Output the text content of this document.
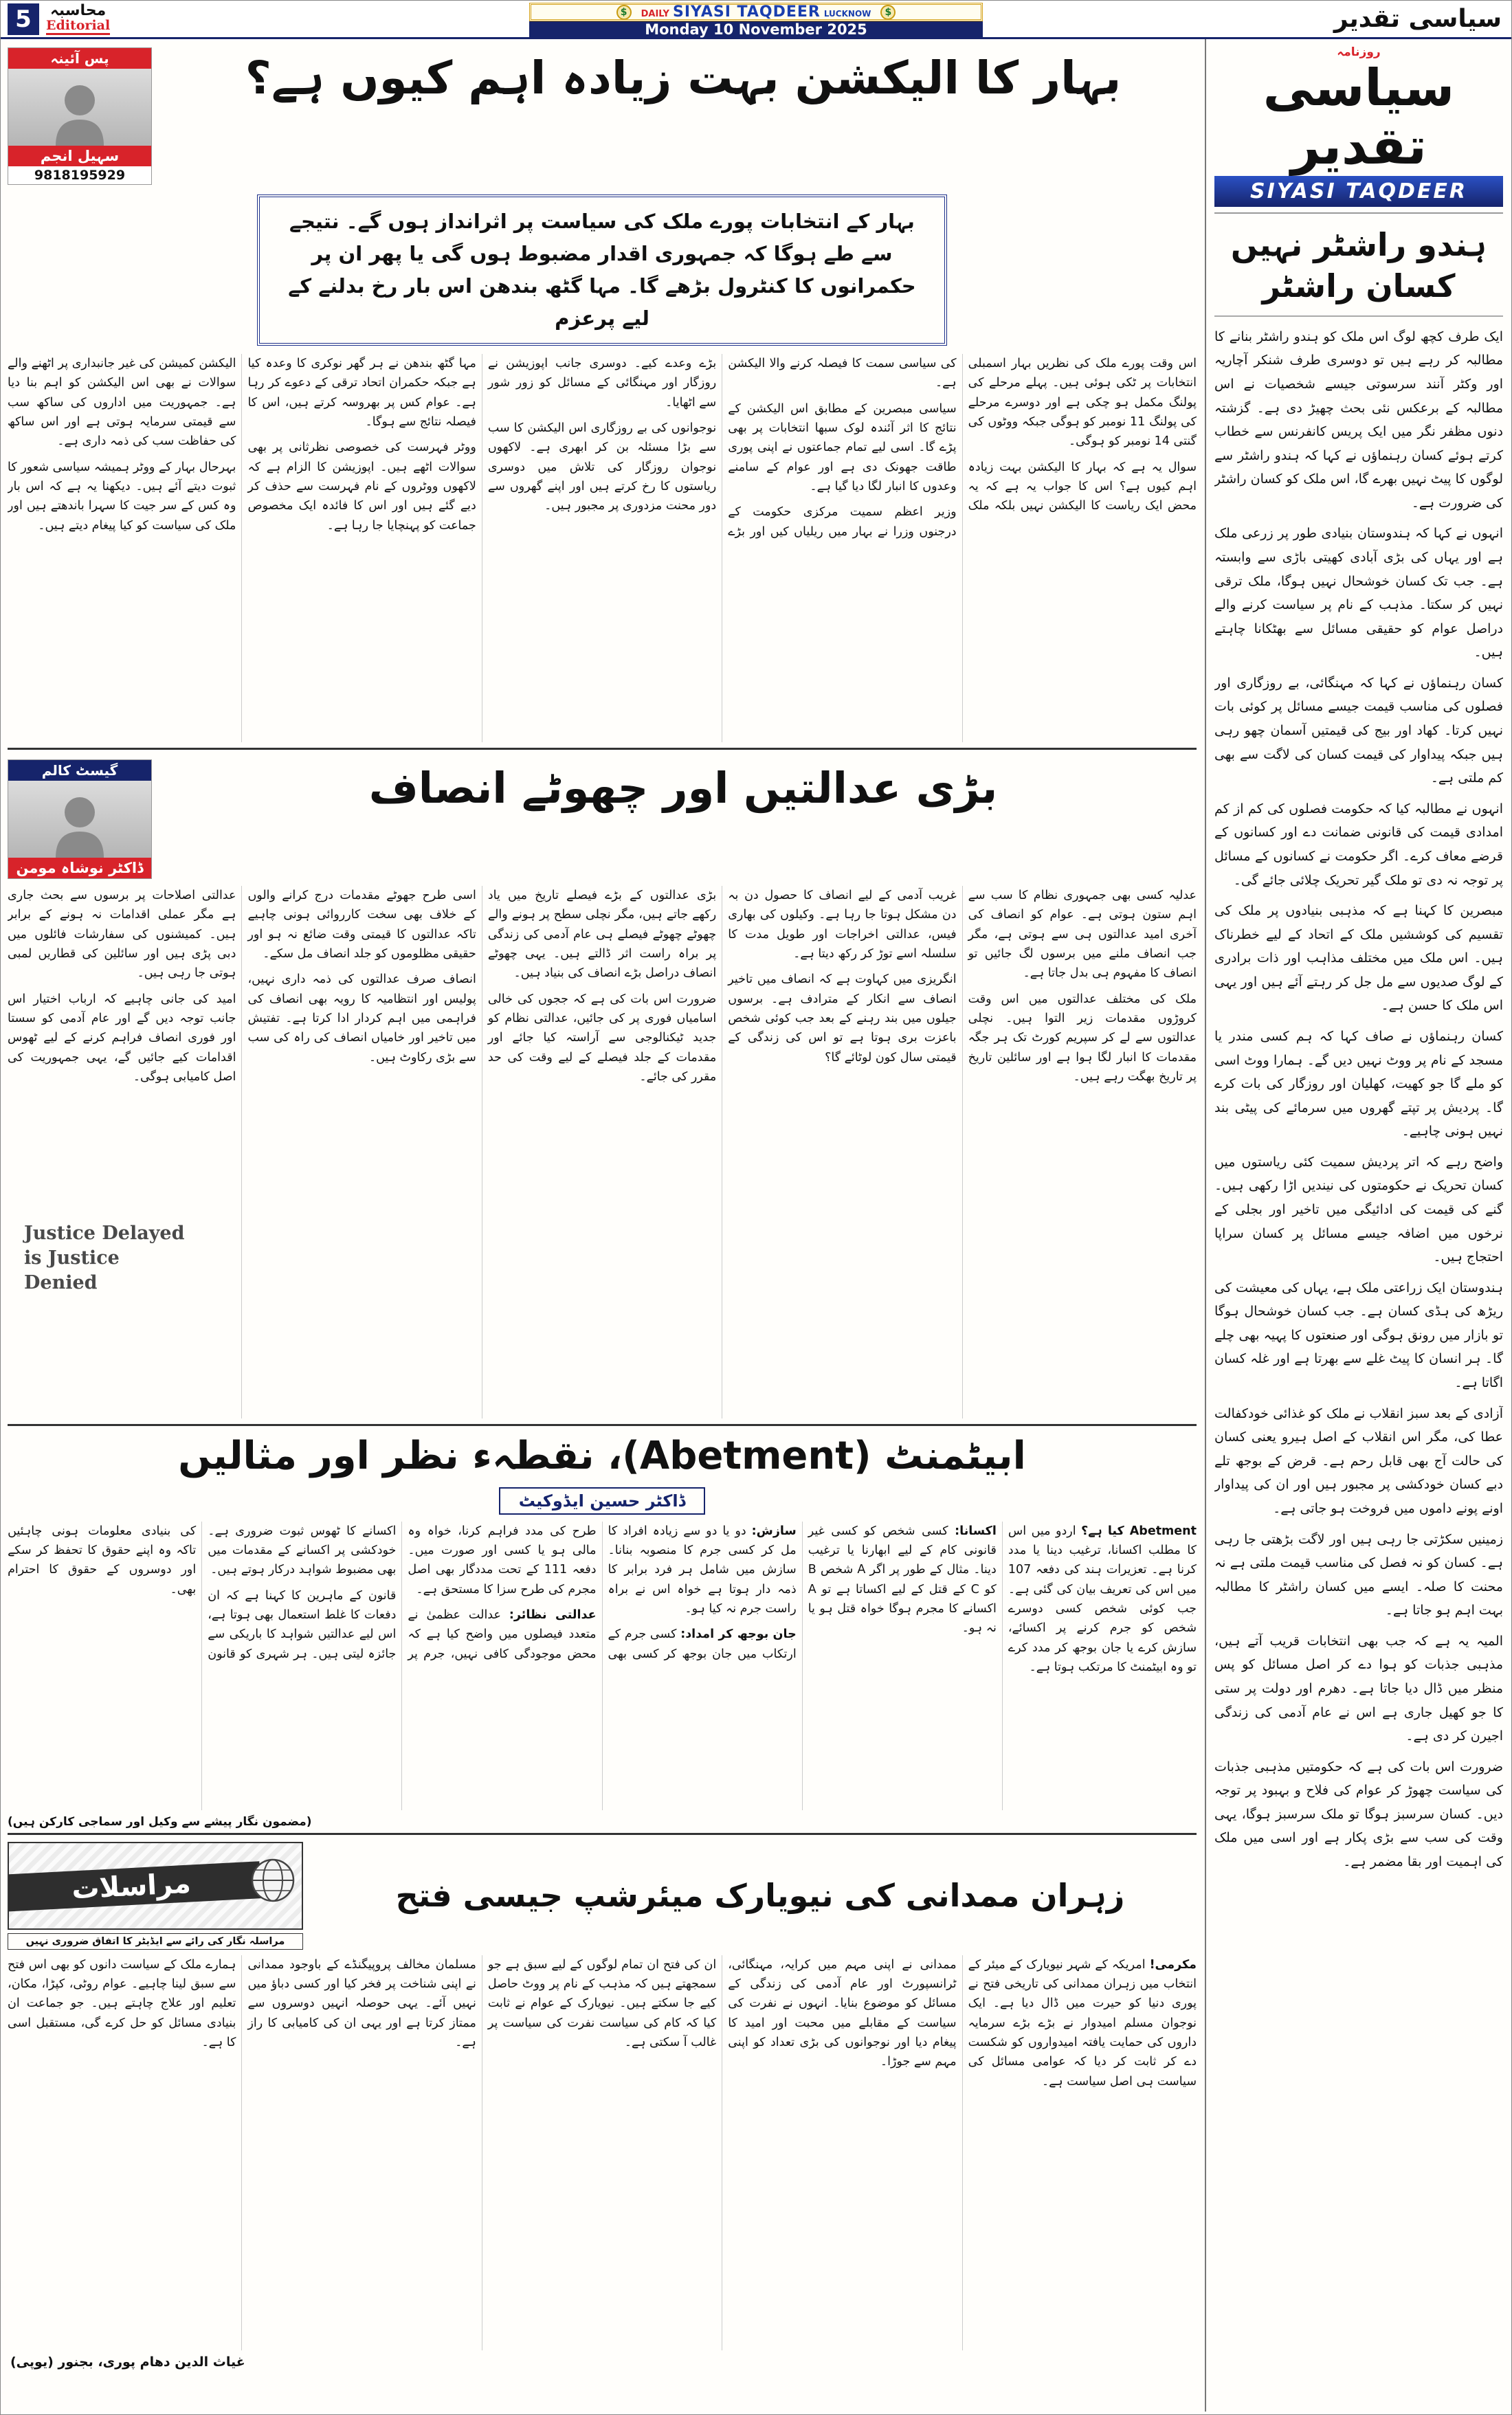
5	محاسبہ
Editorial
$	DAILY SIYASI TAQDEER LUCKNOW	$
Monday 10 November 2025	سیاسی تقدیر
بہار کا الیکشن بہت زیادہ اہم کیوں ہے؟
پس آئینہ
سہیل انجم
9818195929
بہار کے انتخابات پورے ملک کی سیاست پر اثرانداز ہوں گے۔ نتیجے سے طے ہوگا کہ جمہوری اقدار مضبوط ہوں گی یا پھر ان پر حکمرانوں کا کنٹرول بڑھے گا۔ مہا گٹھ بندھن اس بار رخ بدلنے کے لیے پرعزم

اس وقت پورے ملک کی نظریں بہار اسمبلی انتخابات پر ٹکی ہوئی ہیں۔ پہلے مرحلے کی پولنگ مکمل ہو چکی ہے اور دوسرے مرحلے کی پولنگ 11 نومبر کو ہوگی جبکہ ووٹوں کی گنتی 14 نومبر کو ہوگی۔

سوال یہ ہے کہ بہار کا الیکشن بہت زیادہ اہم کیوں ہے؟ اس کا جواب یہ ہے کہ یہ محض ایک ریاست کا الیکشن نہیں بلکہ ملک کی سیاسی سمت کا فیصلہ کرنے والا الیکشن ہے۔

سیاسی مبصرین کے مطابق اس الیکشن کے نتائج کا اثر آئندہ لوک سبھا انتخابات پر بھی پڑے گا۔ اسی لیے تمام جماعتوں نے اپنی پوری طاقت جھونک دی ہے اور عوام کے سامنے وعدوں کا انبار لگا دیا گیا ہے۔

وزیر اعظم سمیت مرکزی حکومت کے درجنوں وزرا نے بہار میں ریلیاں کیں اور بڑے بڑے وعدے کیے۔ دوسری جانب اپوزیشن نے روزگار اور مہنگائی کے مسائل کو زور شور سے اٹھایا۔

نوجوانوں کی بے روزگاری اس الیکشن کا سب سے بڑا مسئلہ بن کر ابھری ہے۔ لاکھوں نوجوان روزگار کی تلاش میں دوسری ریاستوں کا رخ کرتے ہیں اور اپنے گھروں سے دور محنت مزدوری پر مجبور ہیں۔

مہا گٹھ بندھن نے ہر گھر نوکری کا وعدہ کیا ہے جبکہ حکمران اتحاد ترقی کے دعوے کر رہا ہے۔ عوام کس پر بھروسہ کرتے ہیں، اس کا فیصلہ نتائج سے ہوگا۔

ووٹر فہرست کی خصوصی نظرثانی پر بھی سوالات اٹھے ہیں۔ اپوزیشن کا الزام ہے کہ لاکھوں ووٹروں کے نام فہرست سے حذف کر دیے گئے ہیں اور اس کا فائدہ ایک مخصوص جماعت کو پہنچایا جا رہا ہے۔

الیکشن کمیشن کی غیر جانبداری پر اٹھنے والے سوالات نے بھی اس الیکشن کو اہم بنا دیا ہے۔ جمہوریت میں اداروں کی ساکھ سب سے قیمتی سرمایہ ہوتی ہے اور اس ساکھ کی حفاظت سب کی ذمہ داری ہے۔

بہرحال بہار کے ووٹر ہمیشہ سیاسی شعور کا ثبوت دیتے آئے ہیں۔ دیکھنا یہ ہے کہ اس بار وہ کس کے سر جیت کا سہرا باندھتے ہیں اور ملک کی سیاست کو کیا پیغام دیتے ہیں۔

بڑی عدالتیں اور چھوٹے انصاف
گیسٹ کالم
ڈاکٹر نوشاہ مومن

عدلیہ کسی بھی جمہوری نظام کا سب سے اہم ستون ہوتی ہے۔ عوام کو انصاف کی آخری امید عدالتوں ہی سے ہوتی ہے، مگر جب انصاف ملنے میں برسوں لگ جائیں تو انصاف کا مفہوم ہی بدل جاتا ہے۔

ملک کی مختلف عدالتوں میں اس وقت کروڑوں مقدمات زیر التوا ہیں۔ نچلی عدالتوں سے لے کر سپریم کورٹ تک ہر جگہ مقدمات کا انبار لگا ہوا ہے اور سائلین تاریخ پر تاریخ بھگت رہے ہیں۔

غریب آدمی کے لیے انصاف کا حصول دن بہ دن مشکل ہوتا جا رہا ہے۔ وکیلوں کی بھاری فیس، عدالتی اخراجات اور طویل مدت کا سلسلہ اسے توڑ کر رکھ دیتا ہے۔

انگریزی میں کہاوت ہے کہ انصاف میں تاخیر انصاف سے انکار کے مترادف ہے۔ برسوں جیلوں میں بند رہنے کے بعد جب کوئی شخص باعزت بری ہوتا ہے تو اس کی زندگی کے قیمتی سال کون لوٹائے گا؟

بڑی عدالتوں کے بڑے فیصلے تاریخ میں یاد رکھے جاتے ہیں، مگر نچلی سطح پر ہونے والے چھوٹے چھوٹے فیصلے ہی عام آدمی کی زندگی پر براہ راست اثر ڈالتے ہیں۔ یہی چھوٹے انصاف دراصل بڑے انصاف کی بنیاد ہیں۔

ضرورت اس بات کی ہے کہ ججوں کی خالی اسامیاں فوری پر کی جائیں، عدالتی نظام کو جدید ٹیکنالوجی سے آراستہ کیا جائے اور مقدمات کے جلد فیصلے کے لیے وقت کی حد مقرر کی جائے۔

اسی طرح جھوٹے مقدمات درج کرانے والوں کے خلاف بھی سخت کارروائی ہونی چاہیے تاکہ عدالتوں کا قیمتی وقت ضائع نہ ہو اور حقیقی مظلوموں کو جلد انصاف مل سکے۔

انصاف صرف عدالتوں کی ذمہ داری نہیں، پولیس اور انتظامیہ کا رویہ بھی انصاف کی فراہمی میں اہم کردار ادا کرتا ہے۔ تفتیش میں تاخیر اور خامیاں انصاف کی راہ کی سب سے بڑی رکاوٹ ہیں۔

عدالتی اصلاحات پر برسوں سے بحث جاری ہے مگر عملی اقدامات نہ ہونے کے برابر ہیں۔ کمیشنوں کی سفارشات فائلوں میں دبی پڑی ہیں اور سائلین کی قطاریں لمبی ہوتی جا رہی ہیں۔

امید کی جانی چاہیے کہ ارباب اختیار اس جانب توجہ دیں گے اور عام آدمی کو سستا اور فوری انصاف فراہم کرنے کے لیے ٹھوس اقدامات کیے جائیں گے، یہی جمہوریت کی اصل کامیابی ہوگی۔

Justice Delayed is Justice Denied
ابیٹمنٹ (Abetment)، نقطہء نظر اور مثالیں
ڈاکٹر حسین ایڈوکیٹ

Abetment کیا ہے؟ اردو میں اس کا مطلب اکسانا، ترغیب دینا یا مدد کرنا ہے۔ تعزیرات ہند کی دفعہ 107 میں اس کی تعریف بیان کی گئی ہے۔ جب کوئی شخص کسی دوسرے شخص کو جرم کرنے پر اکسائے، سازش کرے یا جان بوجھ کر مدد کرے تو وہ ابیٹمنٹ کا مرتکب ہوتا ہے۔

اکسانا: کسی شخص کو کسی غیر قانونی کام کے لیے ابھارنا یا ترغیب دینا۔ مثال کے طور پر اگر A شخص B کو C کے قتل کے لیے اکساتا ہے تو A اکسانے کا مجرم ہوگا خواہ قتل ہو یا نہ ہو۔

سازش: دو یا دو سے زیادہ افراد کا مل کر کسی جرم کا منصوبہ بنانا۔ سازش میں شامل ہر فرد برابر کا ذمہ دار ہوتا ہے خواہ اس نے براہ راست جرم نہ کیا ہو۔

جان بوجھ کر امداد: کسی جرم کے ارتکاب میں جان بوجھ کر کسی بھی طرح کی مدد فراہم کرنا، خواہ وہ مالی ہو یا کسی اور صورت میں۔ دفعہ 111 کے تحت مددگار بھی اصل مجرم کی طرح سزا کا مستحق ہے۔

عدالتی نظائر: عدالت عظمیٰ نے متعدد فیصلوں میں واضح کیا ہے کہ محض موجودگی کافی نہیں، جرم پر اکسانے کا ٹھوس ثبوت ضروری ہے۔ خودکشی پر اکسانے کے مقدمات میں بھی مضبوط شواہد درکار ہوتے ہیں۔

قانون کے ماہرین کا کہنا ہے کہ ان دفعات کا غلط استعمال بھی ہوتا ہے، اس لیے عدالتیں شواہد کا باریکی سے جائزہ لیتی ہیں۔ ہر شہری کو قانون کی بنیادی معلومات ہونی چاہئیں تاکہ وہ اپنے حقوق کا تحفظ کر سکے اور دوسروں کے حقوق کا احترام بھی۔

(مضمون نگار پیشے سے وکیل اور سماجی کارکن ہیں)
زہران ممدانی کی نیویارک میئرشپ جیسی فتح
مراسلات
مراسلہ نگار کی رائے سے ایڈیٹر کا اتفاق ضروری نہیں

مکرمی! امریکہ کے شہر نیویارک کے میئر کے انتخاب میں زہران ممدانی کی تاریخی فتح نے پوری دنیا کو حیرت میں ڈال دیا ہے۔ ایک نوجوان مسلم امیدوار نے بڑے بڑے سرمایہ داروں کی حمایت یافتہ امیدواروں کو شکست دے کر ثابت کر دیا کہ عوامی مسائل کی سیاست ہی اصل سیاست ہے۔

ممدانی نے اپنی مہم میں کرایہ، مہنگائی، ٹرانسپورٹ اور عام آدمی کی زندگی کے مسائل کو موضوع بنایا۔ انہوں نے نفرت کی سیاست کے مقابلے میں محبت اور امید کا پیغام دیا اور نوجوانوں کی بڑی تعداد کو اپنی مہم سے جوڑا۔

ان کی فتح ان تمام لوگوں کے لیے سبق ہے جو سمجھتے ہیں کہ مذہب کے نام پر ووٹ حاصل کیے جا سکتے ہیں۔ نیویارک کے عوام نے ثابت کیا کہ کام کی سیاست نفرت کی سیاست پر غالب آ سکتی ہے۔

مسلمان مخالف پروپیگنڈے کے باوجود ممدانی نے اپنی شناخت پر فخر کیا اور کسی دباؤ میں نہیں آئے۔ یہی حوصلہ انہیں دوسروں سے ممتاز کرتا ہے اور یہی ان کی کامیابی کا راز ہے۔

ہمارے ملک کے سیاست دانوں کو بھی اس فتح سے سبق لینا چاہیے۔ عوام روٹی، کپڑا، مکان، تعلیم اور علاج چاہتے ہیں۔ جو جماعت ان بنیادی مسائل کو حل کرے گی، مستقبل اسی کا ہے۔

غیاث الدین دھام پوری، بجنور (یوپی)
روزنامہ
سیاسی تقدیر
SIYASI TAQDEER
ہندو راشٹر نہیں کسان راشٹر

ایک طرف کچھ لوگ اس ملک کو ہندو راشٹر بنانے کا مطالبہ کر رہے ہیں تو دوسری طرف شنکر آچاریہ اور وکٹر آنند سرسوتی جیسے شخصیات نے اس مطالبہ کے برعکس نئی بحث چھیڑ دی ہے۔ گزشتہ دنوں مظفر نگر میں ایک پریس کانفرنس سے خطاب کرتے ہوئے کسان رہنماؤں نے کہا کہ ہندو راشٹر سے لوگوں کا پیٹ نہیں بھرے گا، اس ملک کو کسان راشٹر کی ضرورت ہے۔

انہوں نے کہا کہ ہندوستان بنیادی طور پر زرعی ملک ہے اور یہاں کی بڑی آبادی کھیتی باڑی سے وابستہ ہے۔ جب تک کسان خوشحال نہیں ہوگا، ملک ترقی نہیں کر سکتا۔ مذہب کے نام پر سیاست کرنے والے دراصل عوام کو حقیقی مسائل سے بھٹکانا چاہتے ہیں۔

کسان رہنماؤں نے کہا کہ مہنگائی، بے روزگاری اور فصلوں کی مناسب قیمت جیسے مسائل پر کوئی بات نہیں کرتا۔ کھاد اور بیج کی قیمتیں آسمان چھو رہی ہیں جبکہ پیداوار کی قیمت کسان کی لاگت سے بھی کم ملتی ہے۔

انہوں نے مطالبہ کیا کہ حکومت فصلوں کی کم از کم امدادی قیمت کی قانونی ضمانت دے اور کسانوں کے قرضے معاف کرے۔ اگر حکومت نے کسانوں کے مسائل پر توجہ نہ دی تو ملک گیر تحریک چلائی جائے گی۔

مبصرین کا کہنا ہے کہ مذہبی بنیادوں پر ملک کی تقسیم کی کوششیں ملک کے اتحاد کے لیے خطرناک ہیں۔ اس ملک میں مختلف مذاہب اور ذات برادری کے لوگ صدیوں سے مل جل کر رہتے آئے ہیں اور یہی اس ملک کا حسن ہے۔

کسان رہنماؤں نے صاف کہا کہ ہم کسی مندر یا مسجد کے نام پر ووٹ نہیں دیں گے۔ ہمارا ووٹ اسی کو ملے گا جو کھیت، کھلیان اور روزگار کی بات کرے گا۔ پردیش پر تپتے گھروں میں سرمائے کی پیٹی بند نہیں ہونی چاہیے۔

واضح رہے کہ اتر پردیش سمیت کئی ریاستوں میں کسان تحریک نے حکومتوں کی نیندیں اڑا رکھی ہیں۔ گنے کی قیمت کی ادائیگی میں تاخیر اور بجلی کے نرخوں میں اضافہ جیسے مسائل پر کسان سراپا احتجاج ہیں۔

ہندوستان ایک زراعتی ملک ہے، یہاں کی معیشت کی ریڑھ کی ہڈی کسان ہے۔ جب کسان خوشحال ہوگا تو بازار میں رونق ہوگی اور صنعتوں کا پہیہ بھی چلے گا۔ ہر انسان کا پیٹ غلے سے بھرتا ہے اور غلہ کسان اگاتا ہے۔

آزادی کے بعد سبز انقلاب نے ملک کو غذائی خودکفالت عطا کی، مگر اس انقلاب کے اصل ہیرو یعنی کسان کی حالت آج بھی قابل رحم ہے۔ قرض کے بوجھ تلے دبے کسان خودکشی پر مجبور ہیں اور ان کی پیداوار اونے پونے داموں میں فروخت ہو جاتی ہے۔

زمینیں سکڑتی جا رہی ہیں اور لاگت بڑھتی جا رہی ہے۔ کسان کو نہ فصل کی مناسب قیمت ملتی ہے نہ محنت کا صلہ۔ ایسے میں کسان راشٹر کا مطالبہ بہت اہم ہو جاتا ہے۔

المیہ یہ ہے کہ جب بھی انتخابات قریب آتے ہیں، مذہبی جذبات کو ہوا دے کر اصل مسائل کو پس منظر میں ڈال دیا جاتا ہے۔ دھرم اور دولت پر ستی کا جو کھیل جاری ہے اس نے عام آدمی کی زندگی اجیرن کر دی ہے۔

ضرورت اس بات کی ہے کہ حکومتیں مذہبی جذبات کی سیاست چھوڑ کر عوام کی فلاح و بہبود پر توجہ دیں۔ کسان سرسبز ہوگا تو ملک سرسبز ہوگا، یہی وقت کی سب سے بڑی پکار ہے اور اسی میں ملک کی اہمیت اور بقا مضمر ہے۔
